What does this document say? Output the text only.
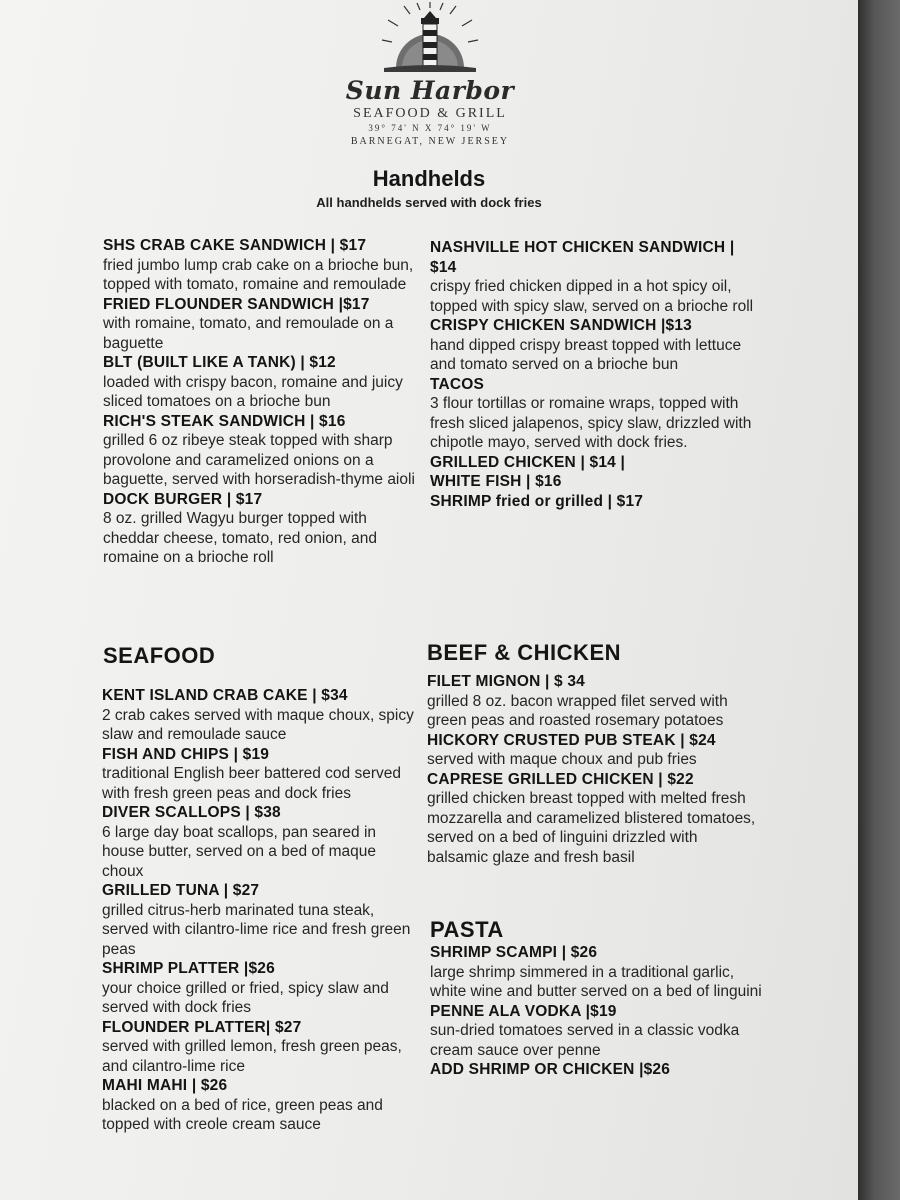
Sun Harbor
SEAFOOD & GRILL
39° 74' N X 74° 19' W
BARNEGAT, NEW JERSEY
Handhelds
All handhelds served with dock fries
SHS CRAB CAKE SANDWICH | $17
fried jumbo lump crab cake on a brioche bun, topped with tomato, romaine and remoulade
FRIED FLOUNDER SANDWICH |$17
with romaine, tomato, and remoulade on a baguette
BLT (BUILT LIKE A TANK) | $12
loaded with crispy bacon, romaine and juicy sliced tomatoes on a brioche bun
RICH'S STEAK SANDWICH | $16
grilled 6 oz ribeye steak topped with sharp provolone and caramelized onions on a baguette, served with horseradish-thyme aioli
DOCK BURGER | $17
8 oz. grilled Wagyu burger topped with cheddar cheese, tomato, red onion, and romaine on a brioche roll
NASHVILLE HOT CHICKEN SANDWICH | $14
crispy fried chicken dipped in a hot spicy oil, topped with spicy slaw, served on a brioche roll
CRISPY CHICKEN SANDWICH |$13
hand dipped crispy breast topped with lettuce and tomato served on a brioche bun
TACOS
3 flour tortillas or romaine wraps, topped with fresh sliced jalapenos, spicy slaw, drizzled with chipotle mayo, served with dock fries.
GRILLED CHICKEN | $14 |
WHITE FISH | $16
SHRIMP fried or grilled | $17
SEAFOOD
KENT ISLAND CRAB CAKE | $34
2 crab cakes served with maque choux, spicy slaw and remoulade sauce
FISH AND CHIPS | $19
traditional English beer battered cod served with fresh green peas and dock fries
DIVER SCALLOPS | $38
6 large day boat scallops, pan seared in house butter, served on a bed of maque choux
GRILLED TUNA | $27
grilled citrus-herb marinated tuna steak, served with cilantro-lime rice and fresh green peas
SHRIMP PLATTER |$26
your choice grilled or fried, spicy slaw and served with dock fries
FLOUNDER PLATTER| $27
served with grilled lemon, fresh green peas, and cilantro-lime rice
MAHI MAHI | $26
blacked on a bed of rice, green peas and topped with creole cream sauce
BEEF & CHICKEN
FILET MIGNON | $ 34
grilled 8 oz. bacon wrapped filet served with green peas and roasted rosemary potatoes
HICKORY CRUSTED PUB STEAK | $24
served with maque choux and pub fries
CAPRESE GRILLED CHICKEN | $22
grilled chicken breast topped with melted fresh mozzarella and caramelized blistered tomatoes, served on a bed of linguini drizzled with balsamic glaze and fresh basil
PASTA
SHRIMP SCAMPI | $26
large shrimp simmered in a traditional garlic, white wine and butter served on a bed of linguini
PENNE ALA VODKA |$19
sun-dried tomatoes served in a classic vodka cream sauce over penne
ADD SHRIMP OR CHICKEN |$26
